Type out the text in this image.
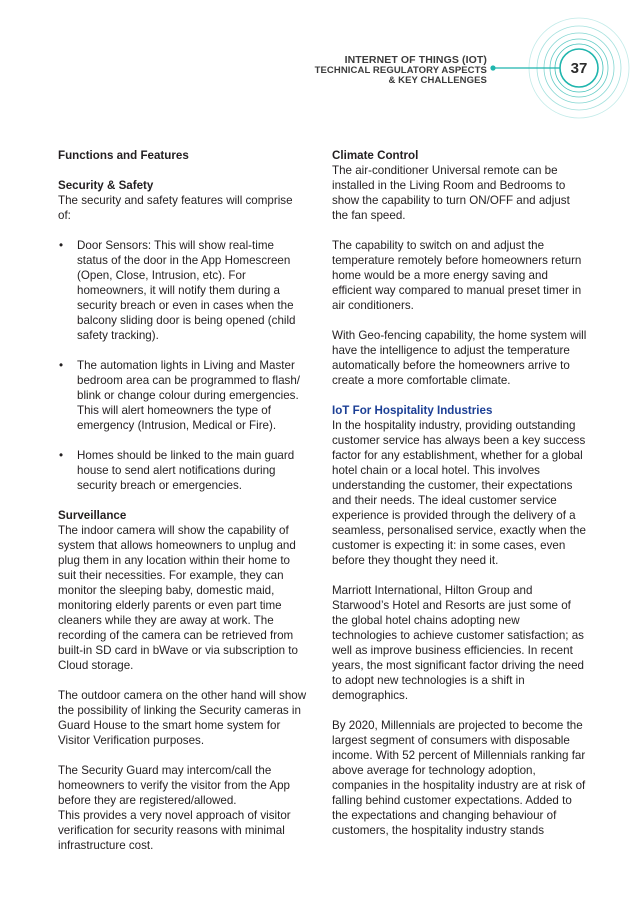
INTERNET OF THINGS (IOT)
TECHNICAL REGULATORY ASPECTS
& KEY CHALLENGES
37

Functions and Features

Security & Safety

The security and safety features will comprise of:

• Door Sensors: This will show real-time status of the door in the App Homescreen (Open, Close, Intrusion, etc). For homeowners, it will notify them during a security breach or even in cases when the balcony sliding door is being opened (child safety tracking).
• The automation lights in Living and Master bedroom area can be programmed to flash/ blink or change colour during emergencies. This will alert homeowners the type of emergency (Intrusion, Medical or Fire).
• Homes should be linked to the main guard house to send alert notifications during security breach or emergencies.

Surveillance

The indoor camera will show the capability of system that allows homeowners to unplug and plug them in any location within their home to suit their necessities. For example, they can monitor the sleeping baby, domestic maid, monitoring elderly parents or even part time cleaners while they are away at work. The recording of the camera can be retrieved from built-in SD card in bWave or via subscription to Cloud storage.

The outdoor camera on the other hand will show the possibility of linking the Security cameras in Guard House to the smart home system for Visitor Verification purposes.

The Security Guard may intercom/call the homeowners to verify the visitor from the App before they are registered/allowed.

This provides a very novel approach of visitor verification for security reasons with minimal infrastructure cost.

Climate Control

The air-conditioner Universal remote can be installed in the Living Room and Bedrooms to show the capability to turn ON/OFF and adjust the fan speed.

The capability to switch on and adjust the temperature remotely before homeowners return home would be a more energy saving and efficient way compared to manual preset timer in air conditioners.

With Geo-fencing capability, the home system will have the intelligence to adjust the temperature automatically before the homeowners arrive to create a more comfortable climate.

IoT For Hospitality Industries

In the hospitality industry, providing outstanding customer service has always been a key success factor for any establishment, whether for a global hotel chain or a local hotel. This involves understanding the customer, their expectations and their needs. The ideal customer service experience is provided through the delivery of a seamless, personalised service, exactly when the customer is expecting it: in some cases, even before they thought they need it.

Marriott International, Hilton Group and Starwood’s Hotel and Resorts are just some of the global hotel chains adopting new technologies to achieve customer satisfaction; as well as improve business efficiencies. In recent years, the most significant factor driving the need to adopt new technologies is a shift in demographics.

By 2020, Millennials are projected to become the largest segment of consumers with disposable income. With 52 percent of Millennials ranking far above average for technology adoption, companies in the hospitality industry are at risk of falling behind customer expectations. Added to the expectations and changing behaviour of customers, the hospitality industry stands
